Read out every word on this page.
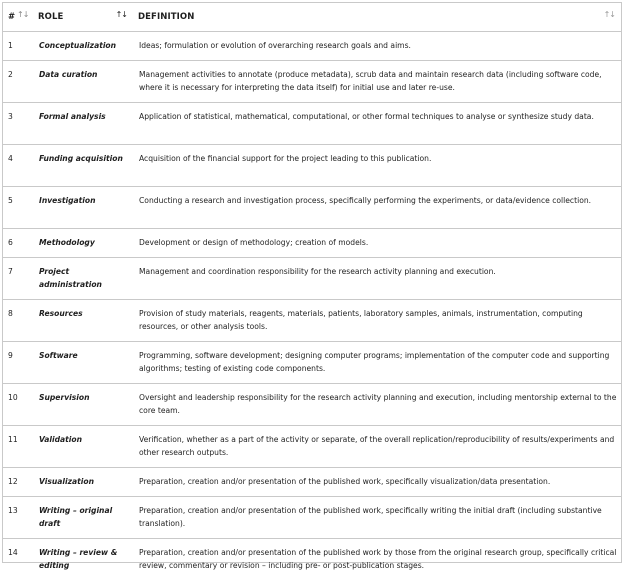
# ↑↓	ROLE ↑↓	DEFINITION ↑↓

1	Conceptualization	Ideas; formulation or evolution of overarching research goals and aims.
2	Data curation	Management activities to annotate (produce metadata), scrub data and maintain research data (including software code, where it is necessary for interpreting the data itself) for initial use and later re-use.
3	Formal analysis	Application of statistical, mathematical, computational, or other formal techniques to analyse or synthesize study data.
4	Funding acquisition	Acquisition of the financial support for the project leading to this publication.
5	Investigation	Conducting a research and investigation process, specifically performing the experiments, or data/evidence collection.
6	Methodology	Development or design of methodology; creation of models.
7	Project administration	Management and coordination responsibility for the research activity planning and execution.
8	Resources	Provision of study materials, reagents, materials, patients, laboratory samples, animals, instrumentation, computing resources, or other analysis tools.
9	Software	Programming, software development; designing computer programs; implementation of the computer code and supporting algorithms; testing of existing code components.
10	Supervision	Oversight and leadership responsibility for the research activity planning and execution, including mentorship external to the core team.
11	Validation	Verification, whether as a part of the activity or separate, of the overall replication/reproducibility of results/experiments and other research outputs.
12	Visualization	Preparation, creation and/or presentation of the published work, specifically visualization/data presentation.
13	Writing – original draft	Preparation, creation and/or presentation of the published work, specifically writing the initial draft (including substantive translation).
14	Writing – review & editing	Preparation, creation and/or presentation of the published work by those from the original research group, specifically critical review, commentary or revision – including pre- or post-publication stages.
